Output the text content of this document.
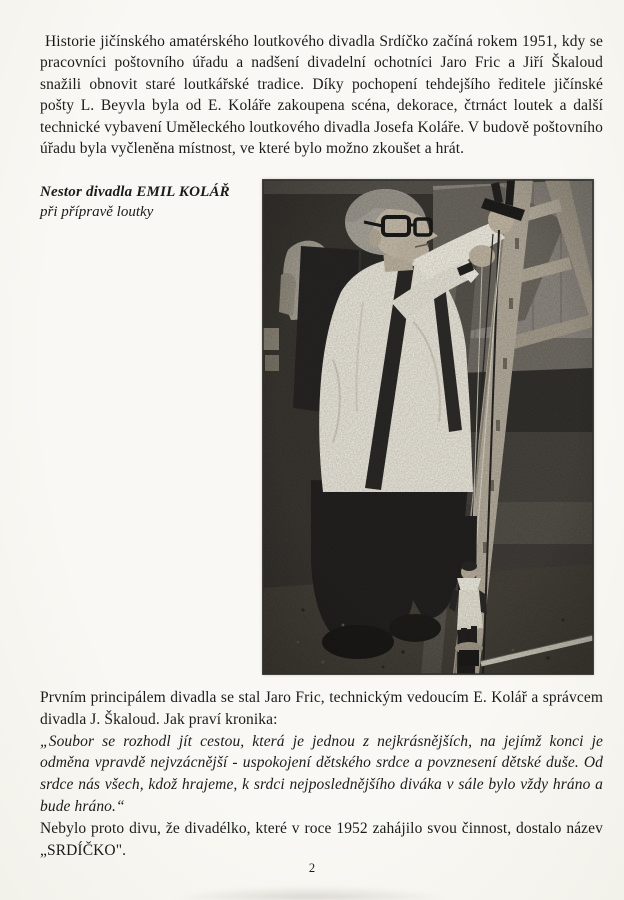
Historie jičínského amatérského loutkového divadla Srdíčko začíná rokem 1951, kdy se pracovníci poštovního úřadu a nadšení divadelní ochotníci Jaro Fric a Jiří Škaloud snažili obnovit staré loutkářské tradice. Díky pochopení tehdejšího ředitele jičínské pošty L. Beyvla byla od E. Koláře zakoupena scéna, dekorace, čtrnáct loutek a další technické vybavení Uměleckého loutkového divadla Josefa Koláře. V budově poštovního úřadu byla vyčleněna místnost, ve které bylo možno zkoušet a hrát.

Nestor divadla EMIL KOLÁŘ
při přípravě loutky

Prvním principálem divadla se stal Jaro Fric, technickým vedoucím E. Kolář a správcem divadla J. Škaloud. Jak praví kronika:

„Soubor se rozhodl jít cestou, která je jednou z nejkrásnějších, na jejímž konci je odměna vpravdě nejvzácnější - uspokojení dětského srdce a povznesení dětské duše. Od srdce nás všech, kdož hrajeme, k srdci nejposlednějšího diváka v sále bylo vždy hráno a bude hráno.“

Nebylo proto divu, že divadélko, které v roce 1952 zahájilo svou činnost, dostalo název „SRDÍČKO".

2
